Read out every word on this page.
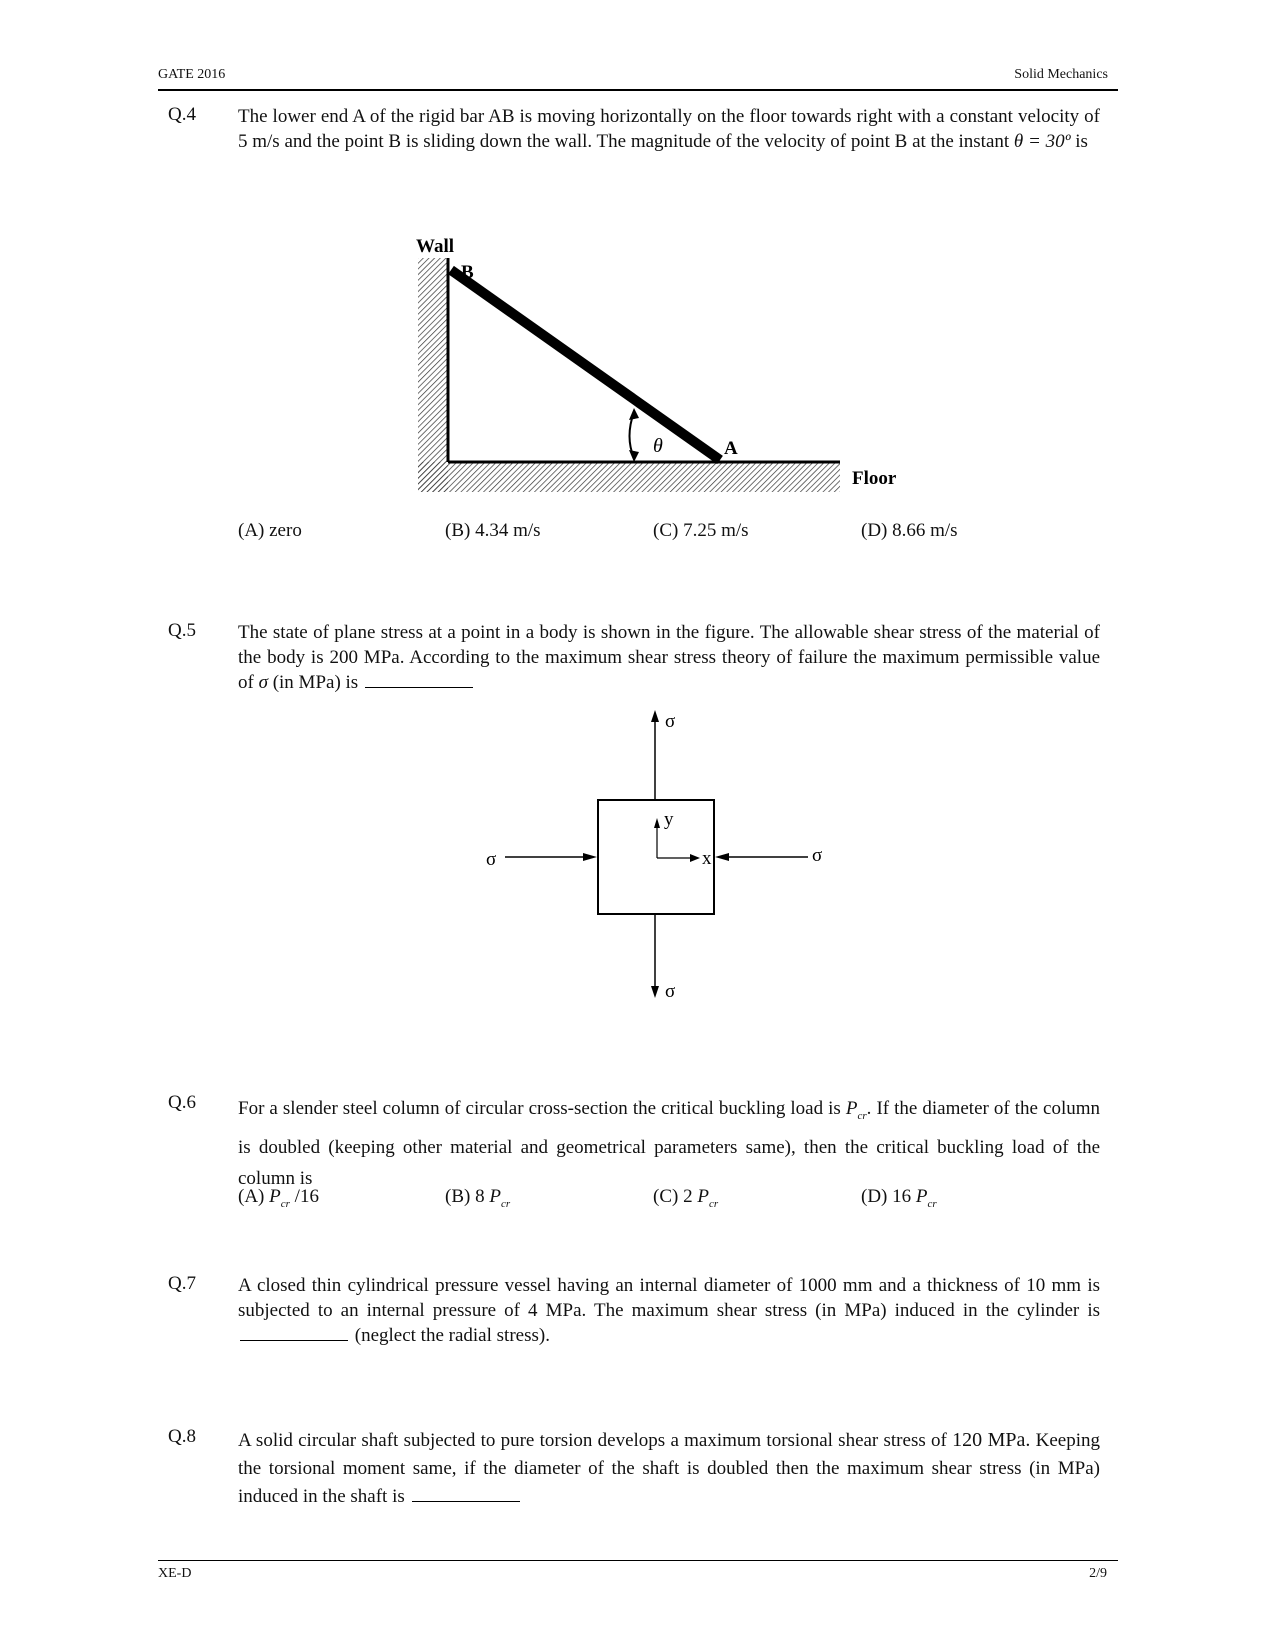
GATE 2016	Solid Mechanics
Q.4 The lower end A of the rigid bar AB is moving horizontally on the floor towards right with a constant velocity of 5 m/s and the point B is sliding down the wall. The magnitude of the velocity of point B at the instant θ = 30º is
Wall
B
A
θ
Floor
(A) zero	(B) 4.34 m/s	(C) 7.25 m/s	(D) 8.66 m/s
Q.5 The state of plane stress at a point in a body is shown in the figure. The allowable shear stress of the material of the body is 200 MPa. According to the maximum shear stress theory of failure the maximum permissible value of σ (in MPa) is
x
y
σ
σ
σ	σ
Q.6 For a slender steel column of circular cross-section the critical buckling load is $P_{cr}$. If the diameter of the column is doubled (keeping other material and geometrical parameters same), then the critical buckling load of the column is
(A) $P_{cr}$ /16	(B) 8 $P_{cr}$	(C) 2 $P_{cr}$	(D) 16 $P_{cr}$
Q.7 A closed thin cylindrical pressure vessel having an internal diameter of 1000 mm and a thickness of 10 mm is subjected to an internal pressure of 4 MPa. The maximum shear stress (in MPa) induced in the cylinder is  (neglect the radial stress).
Q.8 A solid circular shaft subjected to pure torsion develops a maximum torsional shear stress of 120 MPa. Keeping the torsional moment same, if the diameter of the shaft is doubled then the maximum shear stress (in MPa) induced in the shaft is
XE-D	2/9
